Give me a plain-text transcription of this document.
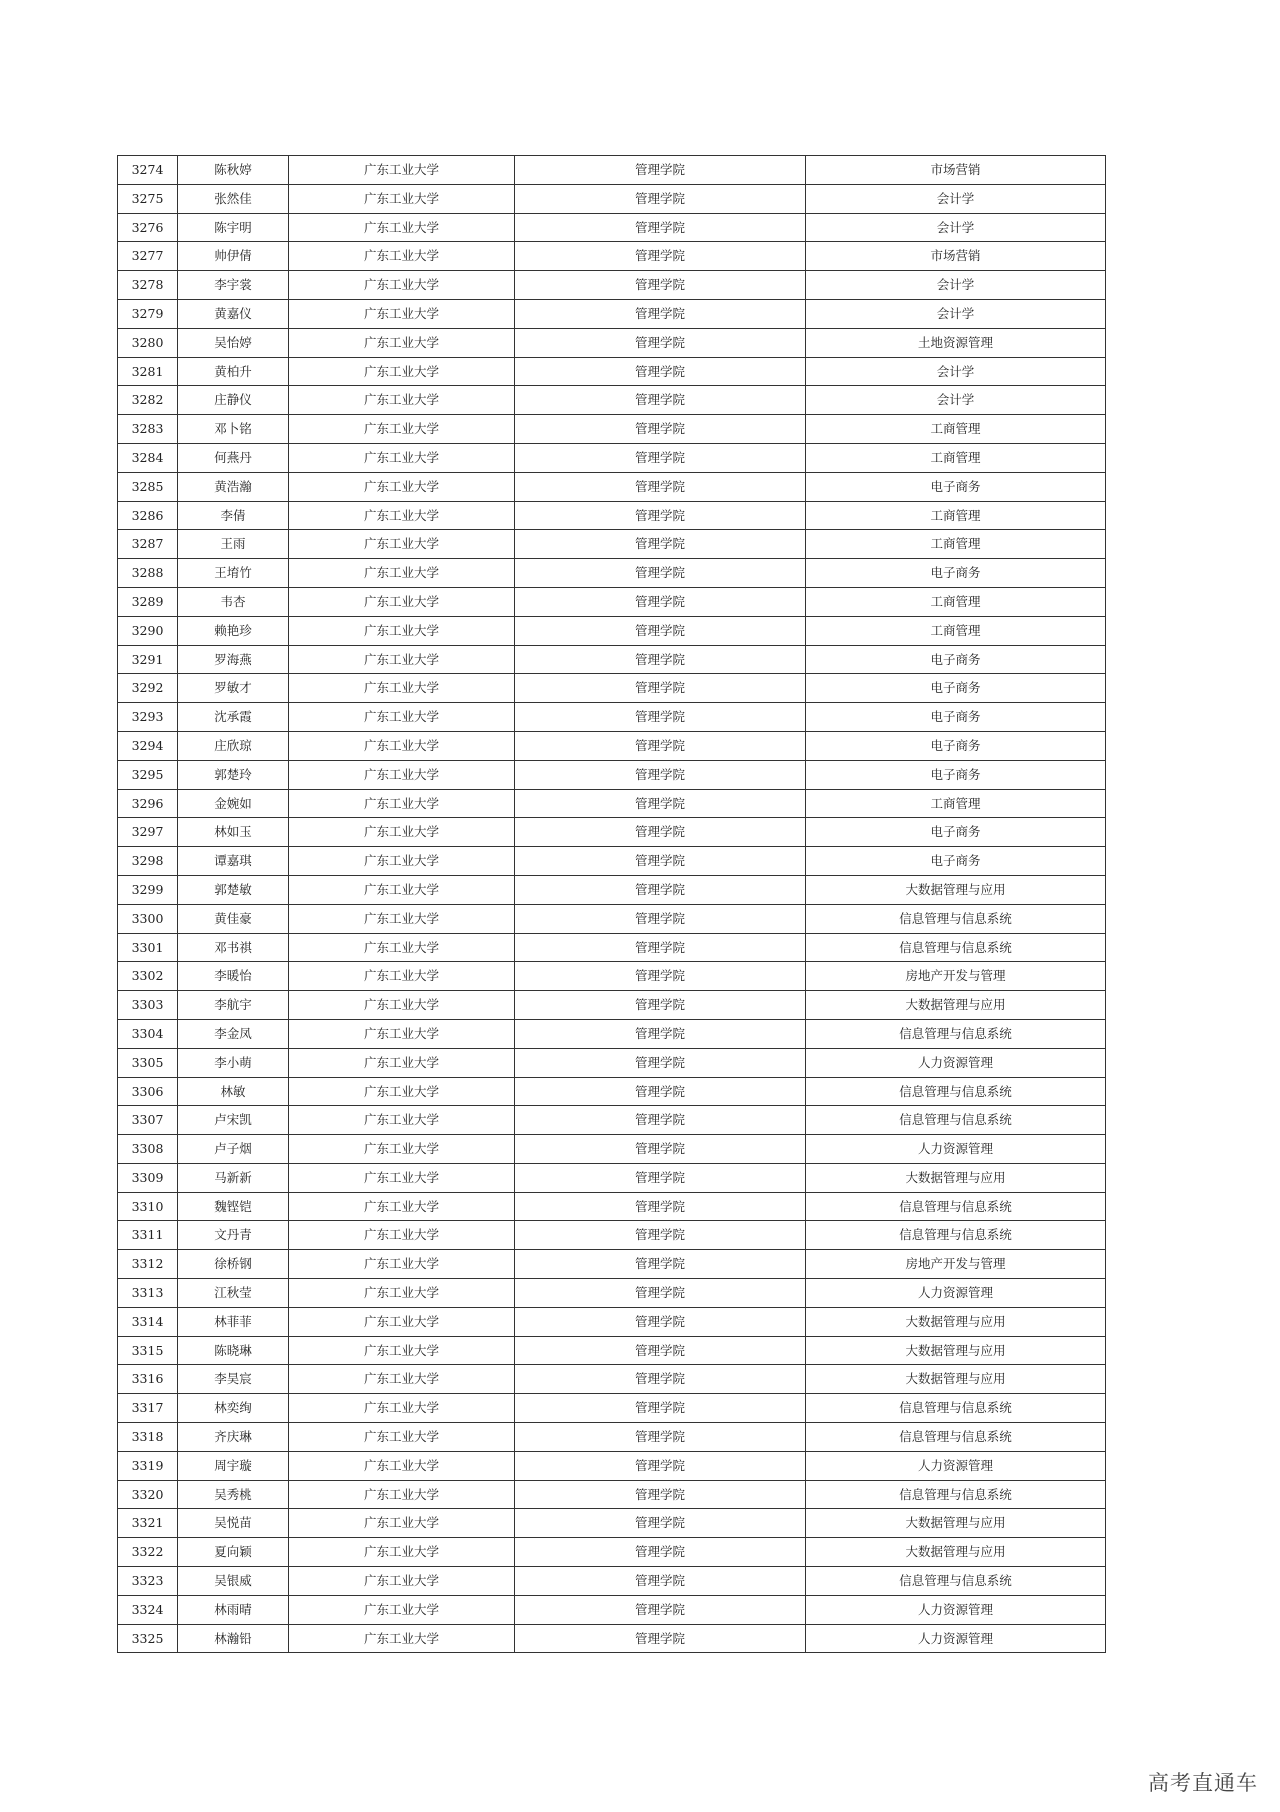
3274	陈秋婷	广东工业大学	管理学院	市场营销
3275	张然佳	广东工业大学	管理学院	会计学
3276	陈宇明	广东工业大学	管理学院	会计学
3277	帅伊倩	广东工业大学	管理学院	市场营销
3278	李宇裳	广东工业大学	管理学院	会计学
3279	黄嘉仪	广东工业大学	管理学院	会计学
3280	吴怡婷	广东工业大学	管理学院	土地资源管理
3281	黄柏升	广东工业大学	管理学院	会计学
3282	庄静仪	广东工业大学	管理学院	会计学
3283	邓卜铭	广东工业大学	管理学院	工商管理
3284	何燕丹	广东工业大学	管理学院	工商管理
3285	黄浩瀚	广东工业大学	管理学院	电子商务
3286	李倩	广东工业大学	管理学院	工商管理
3287	王雨	广东工业大学	管理学院	工商管理
3288	王堉竹	广东工业大学	管理学院	电子商务
3289	韦杏	广东工业大学	管理学院	工商管理
3290	赖艳珍	广东工业大学	管理学院	工商管理
3291	罗海燕	广东工业大学	管理学院	电子商务
3292	罗敏才	广东工业大学	管理学院	电子商务
3293	沈承霞	广东工业大学	管理学院	电子商务
3294	庄欣琼	广东工业大学	管理学院	电子商务
3295	郭楚玲	广东工业大学	管理学院	电子商务
3296	金婉如	广东工业大学	管理学院	工商管理
3297	林如玉	广东工业大学	管理学院	电子商务
3298	谭嘉琪	广东工业大学	管理学院	电子商务
3299	郭楚敏	广东工业大学	管理学院	大数据管理与应用
3300	黄佳豪	广东工业大学	管理学院	信息管理与信息系统
3301	邓书祺	广东工业大学	管理学院	信息管理与信息系统
3302	李暖怡	广东工业大学	管理学院	房地产开发与管理
3303	李航宇	广东工业大学	管理学院	大数据管理与应用
3304	李金凤	广东工业大学	管理学院	信息管理与信息系统
3305	李小萌	广东工业大学	管理学院	人力资源管理
3306	林敏	广东工业大学	管理学院	信息管理与信息系统
3307	卢宋凯	广东工业大学	管理学院	信息管理与信息系统
3308	卢子烟	广东工业大学	管理学院	人力资源管理
3309	马新新	广东工业大学	管理学院	大数据管理与应用
3310	魏铿铠	广东工业大学	管理学院	信息管理与信息系统
3311	文丹青	广东工业大学	管理学院	信息管理与信息系统
3312	徐桥钢	广东工业大学	管理学院	房地产开发与管理
3313	江秋莹	广东工业大学	管理学院	人力资源管理
3314	林菲菲	广东工业大学	管理学院	大数据管理与应用
3315	陈晓琳	广东工业大学	管理学院	大数据管理与应用
3316	李昊宸	广东工业大学	管理学院	大数据管理与应用
3317	林奕绚	广东工业大学	管理学院	信息管理与信息系统
3318	齐庆琳	广东工业大学	管理学院	信息管理与信息系统
3319	周宇璇	广东工业大学	管理学院	人力资源管理
3320	吴秀桃	广东工业大学	管理学院	信息管理与信息系统
3321	吴悦苗	广东工业大学	管理学院	大数据管理与应用
3322	夏向颖	广东工业大学	管理学院	大数据管理与应用
3323	吴银威	广东工业大学	管理学院	信息管理与信息系统
3324	林雨晴	广东工业大学	管理学院	人力资源管理
3325	林瀚铅	广东工业大学	管理学院	人力资源管理
高考直通车
